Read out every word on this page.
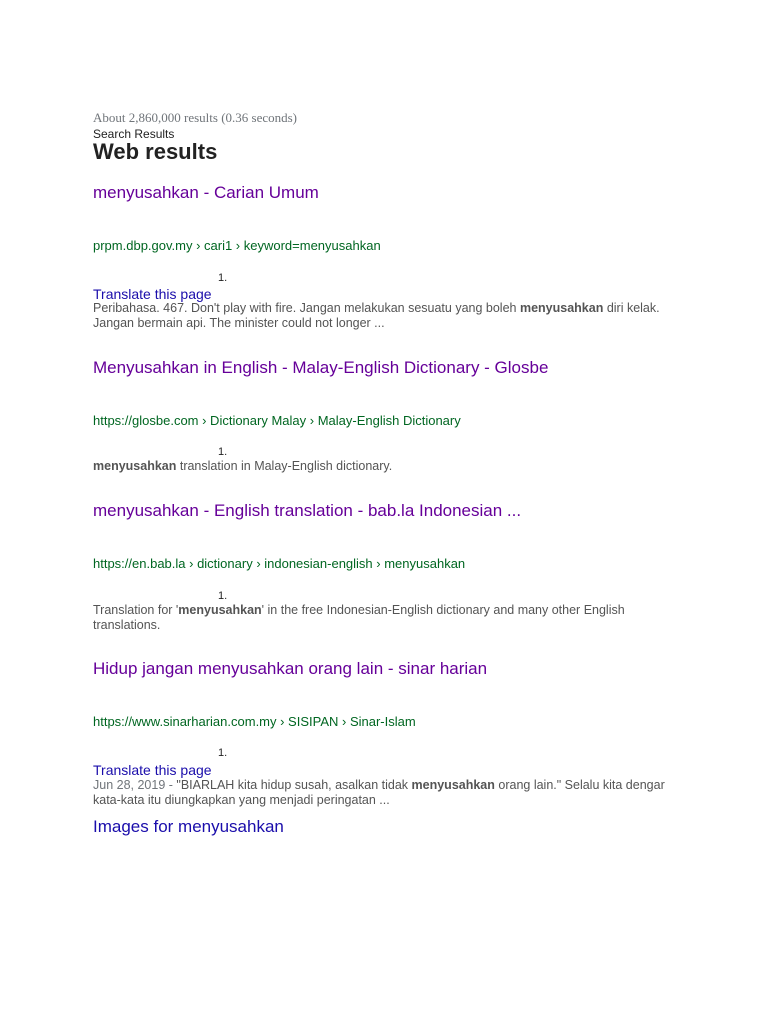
About 2,860,000 results (0.36 seconds)
Search Results
Web results
menyusahkan - Carian Umum
prpm.dbp.gov.my › cari1 › keyword=menyusahkan
1.
Translate this page
Peribahasa. 467. Don't play with fire. Jangan melakukan sesuatu yang boleh menyusahkan diri kelak. Jangan bermain api. The minister could not longer ...
Menyusahkan in English - Malay-English Dictionary - Glosbe
https://glosbe.com › Dictionary Malay › Malay-English Dictionary
1.
menyusahkan translation in Malay-English dictionary.
menyusahkan - English translation - bab.la Indonesian ...
https://en.bab.la › dictionary › indonesian-english › menyusahkan
1.
Translation for 'menyusahkan' in the free Indonesian-English dictionary and many other English translations.
Hidup jangan menyusahkan orang lain - sinar harian
https://www.sinarharian.com.my › SISIPAN › Sinar-Islam
1.
Translate this page
Jun 28, 2019 - "BIARLAH kita hidup susah, asalkan tidak menyusahkan orang lain." Selalu kita dengar kata-kata itu diungkapkan yang menjadi peringatan ...
Images for menyusahkan
